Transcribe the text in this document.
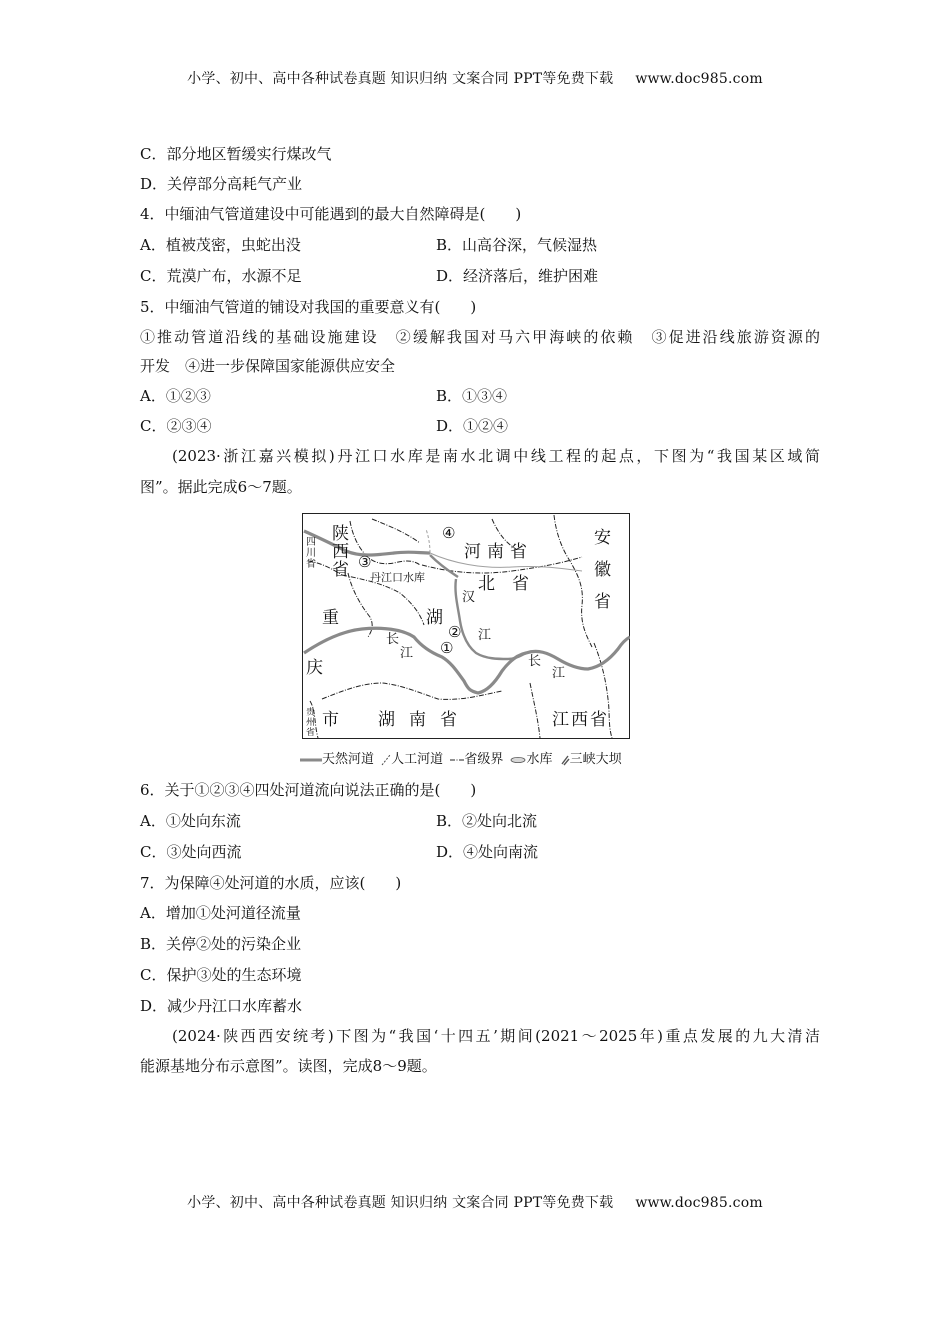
小学、初中、高中各种试卷真题 知识归纳 文案合同 PPT等免费下载 www.doc985.com
C．部分地区暂缓实行煤改气
D．关停部分高耗气产业
4．中缅油气管道建设中可能遇到的最大自然障碍是(　　)
A．植被茂密，虫蛇出没	B．山高谷深，气候湿热
C．荒漠广布，水源不足	D．经济落后，维护困难
5．中缅油气管道的铺设对我国的重要意义有(　　)
①推动管道沿线的基础设施建设　②缓解我国对马六甲海峡的依赖　③促进沿线旅游资源的
开发　④进一步保障国家能源供应安全
A．①②③	B．①③④
C．②③④	D．①②④
(2023·浙江嘉兴模拟)丹江口水库是南水北调中线工程的起点，下图为“我国某区域简
图”。据此完成6～7题。
陕
西
省
四
川
省
河南省
安
徽
省
丹江口水库
湖
北 省
重
庆
市
汉
江
长
江
长
江
贵
州
省
湖南省	江西省
④
③
②
①
天然河道 人工河道 省级界 水库 三峡大坝
6．关于①②③④四处河道流向说法正确的是(　　)
A．①处向东流	B．②处向北流
C．③处向西流	D．④处向南流
7．为保障④处河道的水质，应该(　　)
A．增加①处河道径流量
B．关停②处的污染企业
C．保护③处的生态环境
D．减少丹江口水库蓄水
(2024·陕西西安统考)下图为“我国‘十四五’期间(2021～2025年)重点发展的九大清洁
能源基地分布示意图”。读图，完成8～9题。
小学、初中、高中各种试卷真题 知识归纳 文案合同 PPT等免费下载 www.doc985.com
